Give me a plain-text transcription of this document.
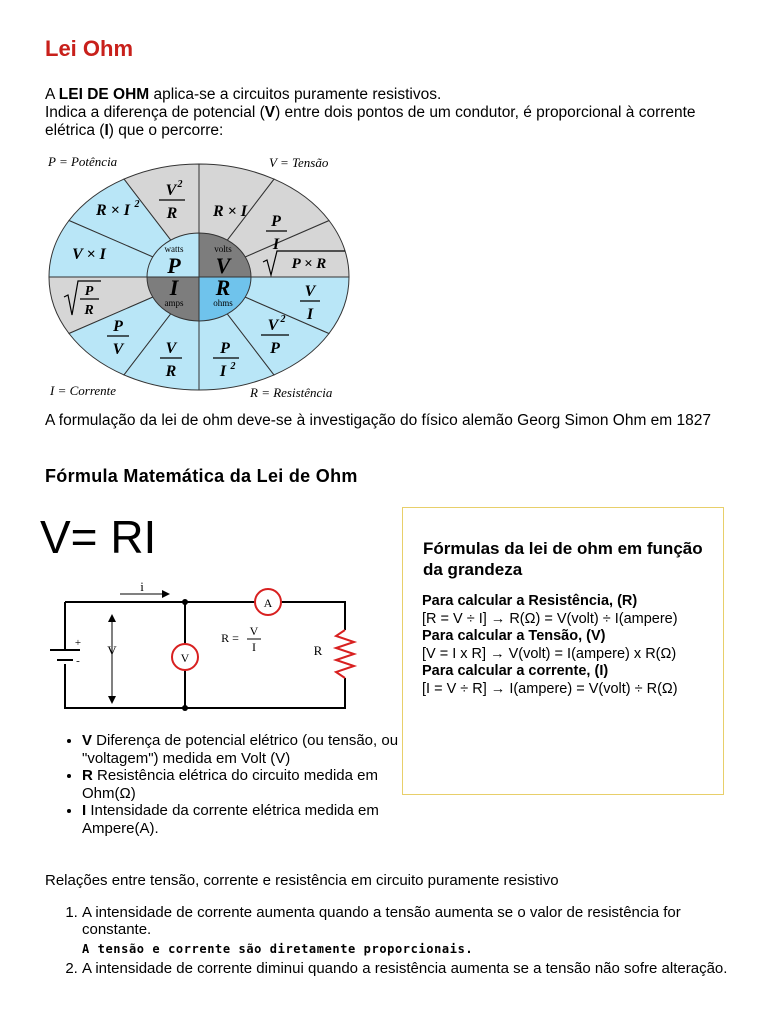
Lei Ohm
A LEI DE OHM aplica-se a circuitos puramente resistivos.
Indica a diferença de potencial (V) entre dois pontos de um condutor, é proporcional à corrente elétrica (I) que o percorre:
watts
P
volts
V
I
amps
R
ohms
V 2
R
R × I 2
V × I
P
R
P
V	V
R
P
I 2
V 2
P
V
I
P × R
P
I
R × I
P = Potência	V = Tensão
I = Corrente	R = Resistência
A formulação da lei de ohm deve-se à investigação do físico alemão Georg Simon Ohm em 1827
Fórmula Matemática da Lei de Ohm
V= RI
i
A
V
V
+
-
R = V
I	R
Fórmulas da lei de ohm em função da grandeza
Para calcular a Resistência, (R)
[R = V ÷ I] → R(Ω) = V(volt) ÷ I(ampere)
Para calcular a Tensão, (V)
[V = I x R] → V(volt) = I(ampere) x R(Ω)
Para calcular a corrente, (I)
[I = V ÷ R] → I(ampere) = V(volt) ÷ R(Ω)
• V Diferença de potencial elétrico (ou tensão, ou "voltagem") medida em Volt (V)
• R Resistência elétrica do circuito medida em Ohm(Ω)
• I Intensidade da corrente elétrica medida em Ampere(A).
Relações entre tensão, corrente e resistência em circuito puramente resistivo
1. A intensidade de corrente aumenta quando a tensão aumenta se o valor de resistência for constante.
A tensão e corrente são diretamente proporcionais.
2. A intensidade de corrente diminui quando a resistência aumenta se a tensão não sofre alteração.
